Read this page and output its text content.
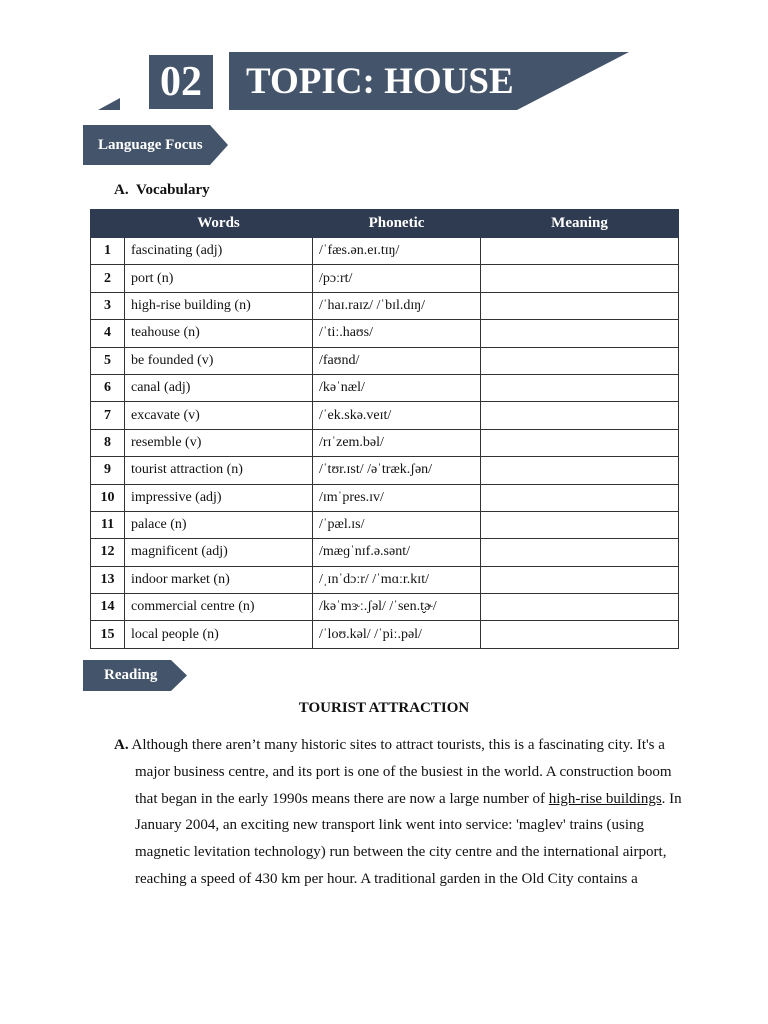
02 TOPIC: HOUSE
Language Focus
A. Vocabulary
	Words	Phonetic	Meaning
1	fascinating (adj)	/ˈfæs.ən.eɪ.tɪŋ/	
2	port (n)	/pɔːrt/	
3	high-rise building (n)	/ˈhaɪ.raɪz/ /ˈbɪl.dɪŋ/	
4	teahouse (n)	/ˈtiː.haʊs/	
5	be founded (v)	/faʊnd/	
6	canal (adj)	/kəˈnæl/	
7	excavate (v)	/ˈek.skə.veɪt/	
8	resemble (v)	/rɪˈzem.bəl/	
9	tourist attraction (n)	/ˈtʊr.ɪst/ /əˈtræk.ʃən/	
10	impressive (adj)	/ɪmˈpres.ɪv/	
11	palace (n)	/ˈpæl.ɪs/	
12	magnificent (adj)	/mæɡˈnɪf.ə.sənt/	
13	indoor market (n)	/ˌɪnˈdɔːr/ /ˈmɑːr.kɪt/	
14	commercial centre (n)	/kəˈmɝː.ʃəl/ /ˈsen.t̬ɚ/	
15	local people (n)	/ˈloʊ.kəl/ /ˈpiː.pəl/	
Reading
TOURIST ATTRACTION

A. Although there aren’t many historic sites to attract tourists, this is a fascinating city. It's a major business centre, and its port is one of the busiest in the world. A construction boom that began in the early 1990s means there are now a large number of high-rise buildings. In January 2004, an exciting new transport link went into service: 'maglev' trains (using magnetic levitation technology) run between the city centre and the international airport, reaching a speed of 430 km per hour. A traditional garden in the Old City contains a
